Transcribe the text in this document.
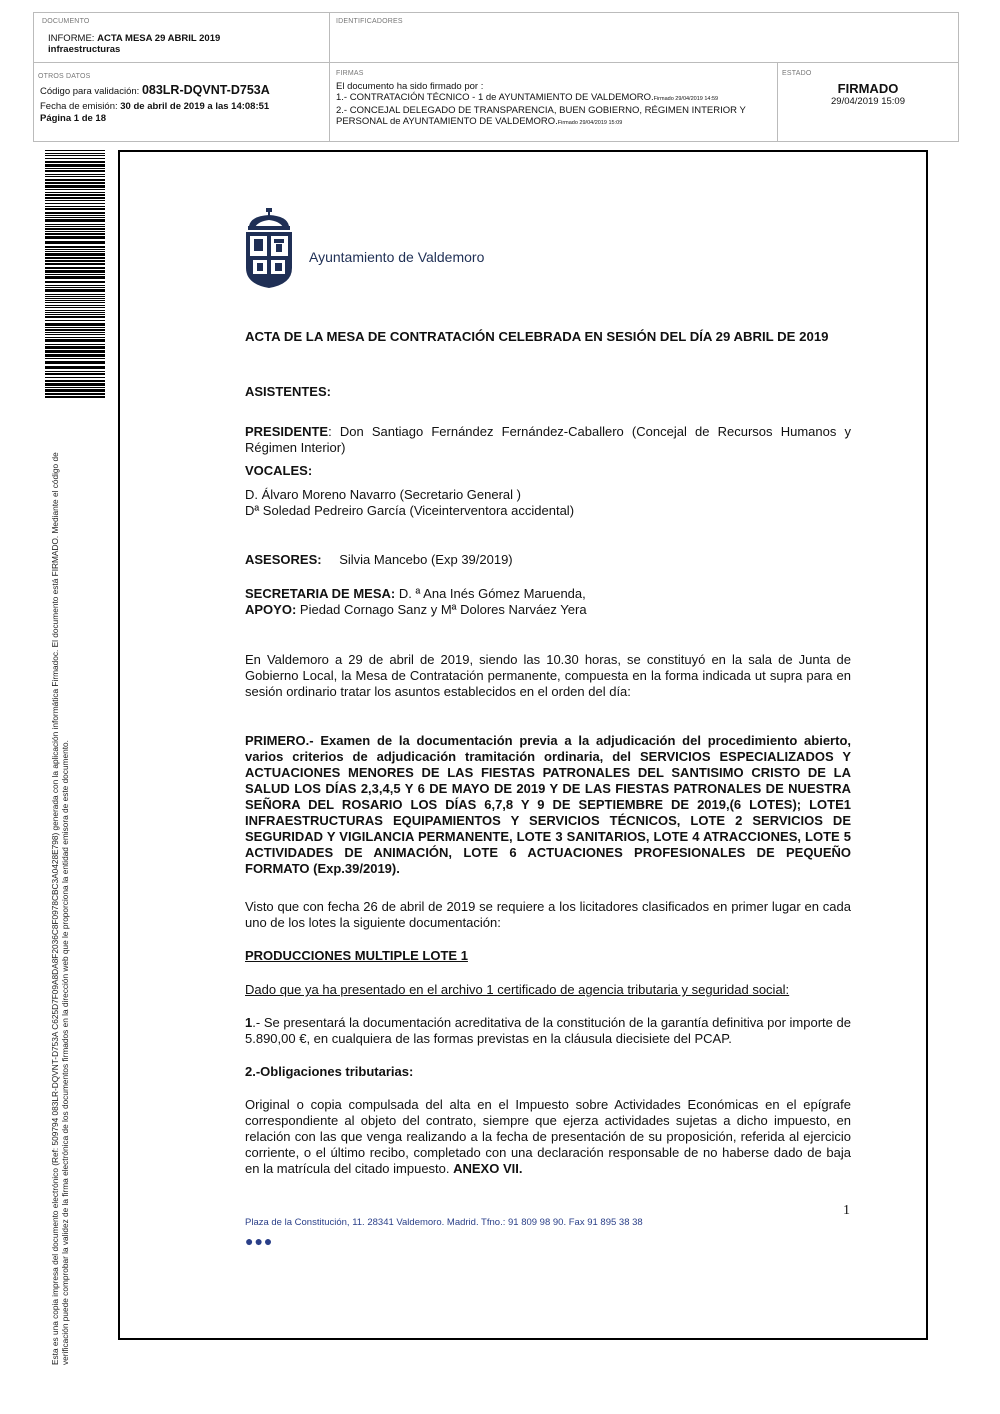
DOCUMENTO
INFORME: ACTA MESA 29 ABRIL 2019
infraestructuras
IDENTIFICADORES
OTROS DATOS
Código para validación: 083LR-DQVNT-D753A
Fecha de emisión: 30 de abril de 2019 a las 14:08:51
Página 1 de 18
FIRMAS
El documento ha sido firmado por :
1.- CONTRATACIÓN TÉCNICO - 1 de AYUNTAMIENTO DE VALDEMORO.Firmado 29/04/2019 14:59
2.- CONCEJAL DELEGADO DE TRANSPARENCIA, BUEN GOBIERNO, RÉGIMEN INTERIOR Y PERSONAL de AYUNTAMIENTO DE VALDEMORO.Firmado 29/04/2019 15:09
ESTADO
FIRMADO
29/04/2019 15:09
Esta es una copia impresa del documento electrónico (Ref: 509794 083LR-DQVNT-D753A C625D7F09A8DA8F2036C8F0978CBC3A0428E798) generada con la aplicación informática Firmadoc. El documento está FIRMADO. Mediante el código de verificación puede comprobar la validez de la firma electrónica de los documentos firmados en la dirección web que le proporciona la entidad emisora de este documento.
Ayuntamiento de Valdemoro
ACTA DE LA MESA DE CONTRATACIÓN CELEBRADA EN SESIÓN DEL DÍA 29 ABRIL DE 2019
ASISTENTES:
PRESIDENTE: Don Santiago Fernández Fernández-Caballero (Concejal de Recursos Humanos y Régimen Interior)
VOCALES:
D. Álvaro Moreno Navarro (Secretario General )
Dª Soledad Pedreiro García (Viceinterventora accidental)
ASESORES: Silvia Mancebo (Exp 39/2019)
SECRETARIA DE MESA: D. ª Ana Inés Gómez Maruenda,
APOYO: Piedad Cornago Sanz y Mª Dolores Narváez Yera
En Valdemoro a 29 de abril de 2019, siendo las 10.30 horas, se constituyó en la sala de Junta de Gobierno Local, la Mesa de Contratación permanente, compuesta en la forma indicada ut supra para en sesión ordinario tratar los asuntos establecidos en el orden del día:
PRIMERO.- Examen de la documentación previa a la adjudicación del procedimiento abierto, varios criterios de adjudicación tramitación ordinaria, del SERVICIOS ESPECIALIZADOS Y ACTUACIONES MENORES DE LAS FIESTAS PATRONALES DEL SANTISIMO CRISTO DE LA SALUD LOS DÍAS 2,3,4,5 Y 6 DE MAYO DE 2019 Y DE LAS FIESTAS PATRONALES DE NUESTRA SEÑORA DEL ROSARIO LOS DÍAS 6,7,8 Y 9 DE SEPTIEMBRE DE 2019,(6 LOTES); LOTE1 INFRAESTRUCTURAS EQUIPAMIENTOS Y SERVICIOS TÉCNICOS, LOTE 2 SERVICIOS DE SEGURIDAD Y VIGILANCIA PERMANENTE, LOTE 3 SANITARIOS, LOTE 4 ATRACCIONES, LOTE 5 ACTIVIDADES DE ANIMACIÓN, LOTE 6 ACTUACIONES PROFESIONALES DE PEQUEÑO FORMATO (Exp.39/2019).
Visto que con fecha 26 de abril de 2019 se requiere a los licitadores clasificados en primer lugar en cada uno de los lotes la siguiente documentación:
PRODUCCIONES MULTIPLE LOTE 1
Dado que ya ha presentado en el archivo 1 certificado de agencia tributaria y seguridad social:
1.- Se presentará la documentación acreditativa de la constitución de la garantía definitiva por importe de 5.890,00 €, en cualquiera de las formas previstas en la cláusula diecisiete del PCAP.
2.-Obligaciones tributarias:
Original o copia compulsada del alta en el Impuesto sobre Actividades Económicas en el epígrafe correspondiente al objeto del contrato, siempre que ejerza actividades sujetas a dicho impuesto, en relación con las que venga realizando a la fecha de presentación de su proposición, referida al ejercicio corriente, o el último recibo, completado con una declaración responsable de no haberse dado de baja en la matrícula del citado impuesto. ANEXO VII.
1
Plaza de la Constitución, 11. 28341 Valdemoro. Madrid. Tfno.: 91 809 98 90. Fax 91 895 38 38
●●●
